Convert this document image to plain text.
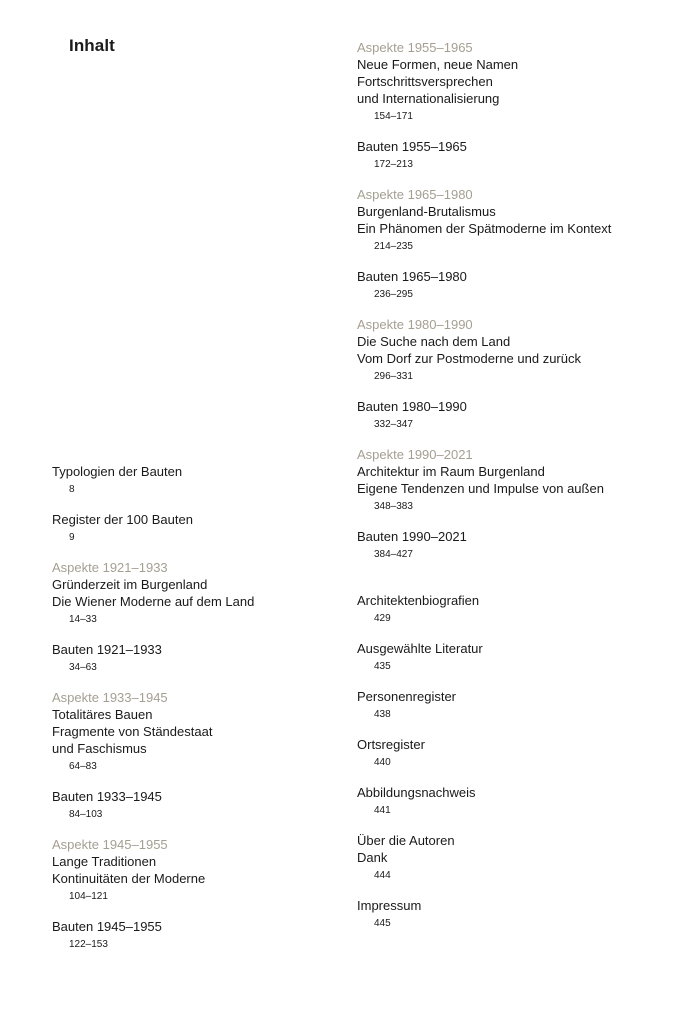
Inhalt
Typologien der Bauten
8
Register der 100 Bauten
9
Aspekte 1921–1933
Gründerzeit im Burgenland
Die Wiener Moderne auf dem Land
14–33
Bauten 1921–1933
34–63
Aspekte 1933–1945
Totalitäres Bauen
Fragmente von Ständestaat
und Faschismus
64–83
Bauten 1933–1945
84–103
Aspekte 1945–1955
Lange Traditionen
Kontinuitäten der Moderne
104–121
Bauten 1945–1955
122–153
Aspekte 1955–1965
Neue Formen, neue Namen
Fortschrittsversprechen
und Internationalisierung
154–171
Bauten 1955–1965
172–213
Aspekte 1965–1980
Burgenland-Brutalismus
Ein Phänomen der Spätmoderne im Kontext
214–235
Bauten 1965–1980
236–295
Aspekte 1980–1990
Die Suche nach dem Land
Vom Dorf zur Postmoderne und zurück
296–331
Bauten 1980–1990
332–347
Aspekte 1990–2021
Architektur im Raum Burgenland
Eigene Tendenzen und Impulse von außen
348–383
Bauten 1990–2021
384–427
Architektenbiografien
429
Ausgewählte Literatur
435
Personenregister
438
Ortsregister
440
Abbildungsnachweis
441
Über die Autoren
Dank
444
Impressum
445
